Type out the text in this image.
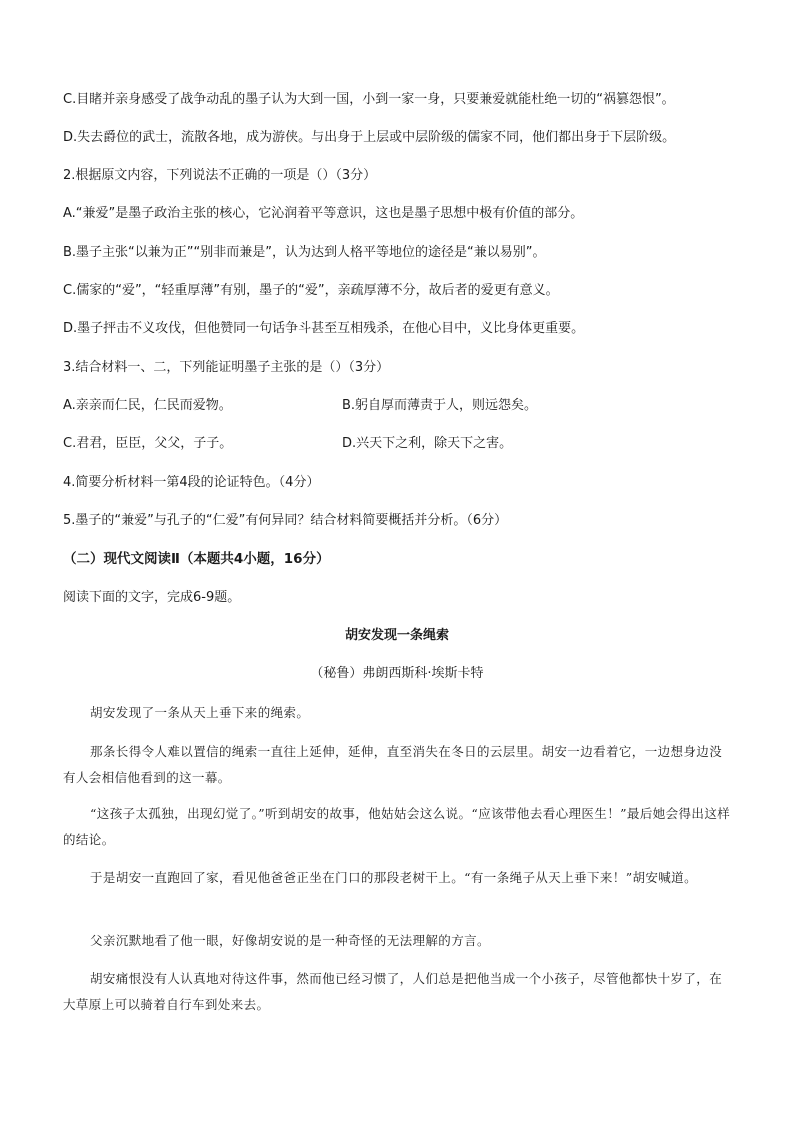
C.目睹并亲身感受了战争动乱的墨子认为大到一国，小到一家一身，只要兼爱就能杜绝一切的“祸篡怨恨”。
D.失去爵位的武士，流散各地，成为游侠。与出身于上层或中层阶级的儒家不同，他们都出身于下层阶级。
2.根据原文内容，下列说法不正确的一项是（）（3分）
A.“兼爱”是墨子政治主张的核心，它沁润着平等意识，这也是墨子思想中极有价值的部分。
B.墨子主张“以兼为正”“别非而兼是”，认为达到人格平等地位的途径是“兼以易别”。
C.儒家的“爱”，“轻重厚薄”有别，墨子的“爱”，亲疏厚薄不分，故后者的爱更有意义。
D.墨子抨击不义攻伐，但他赞同一句话争斗甚至互相残杀，在他心目中，义比身体更重要。
3.结合材料一、二，下列能证明墨子主张的是（）（3分）
A.亲亲而仁民，仁民而爱物。	B.躬自厚而薄责于人，则远怨矣。
C.君君，臣臣，父父，子子。	D.兴天下之利，除天下之害。
4.简要分析材料一第4段的论证特色。（4分）
5.墨子的“兼爱”与孔子的“仁爱”有何异同？结合材料简要概括并分析。（6分）
（二）现代文阅读Ⅱ（本题共4小题，16分）
阅读下面的文字，完成6-9题。
胡安发现一条绳索
（秘鲁）弗朗西斯科·埃斯卡特
胡安发现了一条从天上垂下来的绳索。
那条长得令人难以置信的绳索一直往上延伸，延伸，直至消失在冬日的云层里。胡安一边看着它，一边想身边没有人会相信他看到的这一幕。
“这孩子太孤独，出现幻觉了。”听到胡安的故事，他姑姑会这么说。“应该带他去看心理医生！”最后她会得出这样的结论。
于是胡安一直跑回了家，看见他爸爸正坐在门口的那段老树干上。“有一条绳子从天上垂下来！”胡安喊道。
父亲沉默地看了他一眼，好像胡安说的是一种奇怪的无法理解的方言。
胡安痛恨没有人认真地对待这件事，然而他已经习惯了，人们总是把他当成一个小孩子，尽管他都快十岁了，在大草原上可以骑着自行车到处来去。
